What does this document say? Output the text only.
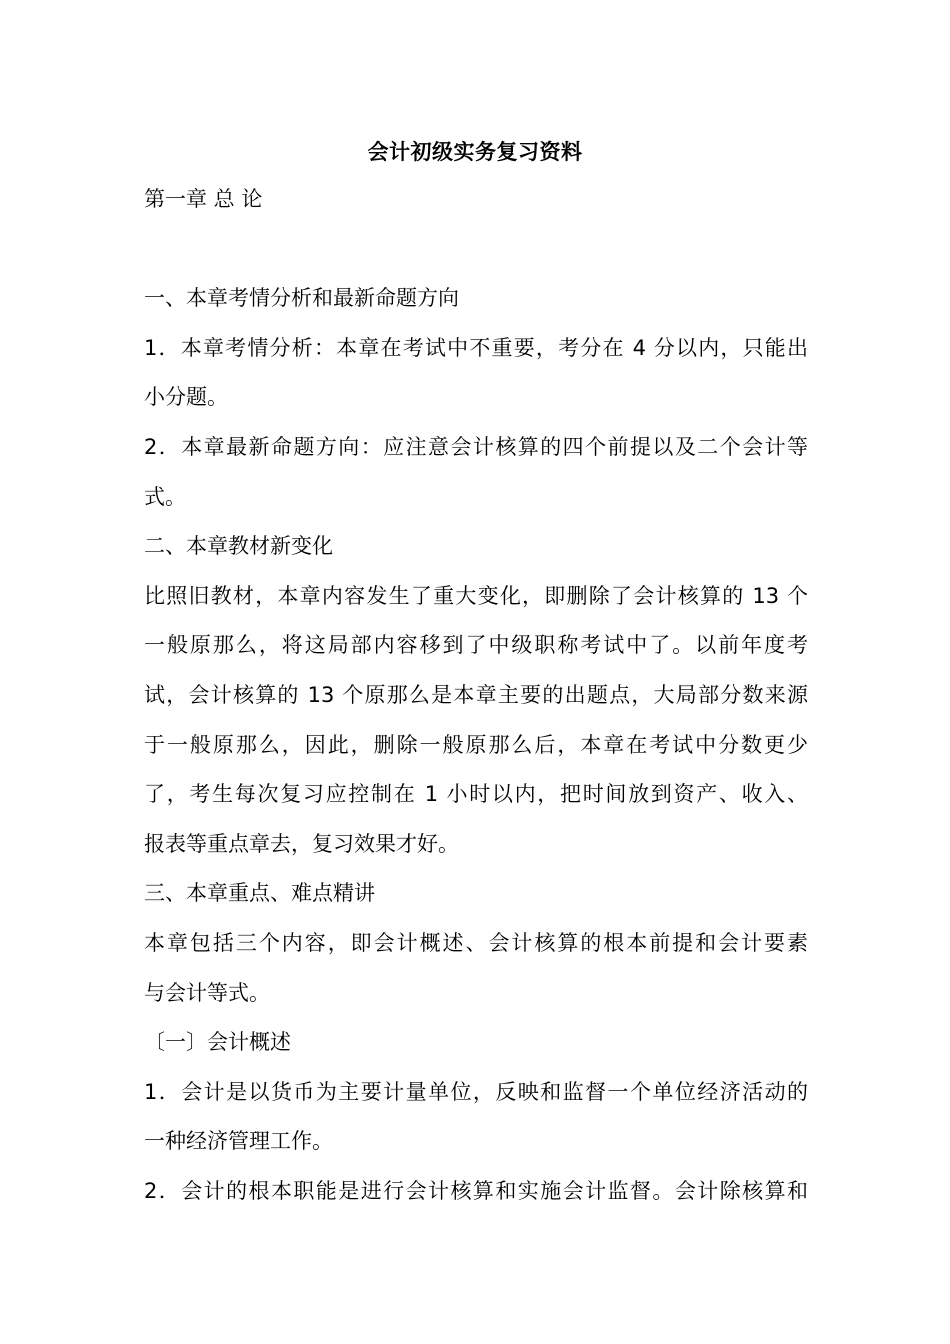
会计初级实务复习资料
第一章 总 论
一、本章考情分析和最新命题方向
1．本章考情分析：本章在考试中不重要，考分在 4 分以内，只能出
小分题。
2．本章最新命题方向：应注意会计核算的四个前提以及二个会计等
式。
二、本章教材新变化
比照旧教材，本章内容发生了重大变化，即删除了会计核算的 13 个
一般原那么，将这局部内容移到了中级职称考试中了。以前年度考
试，会计核算的 13 个原那么是本章主要的出题点，大局部分数来源
于一般原那么，因此，删除一般原那么后，本章在考试中分数更少
了，考生每次复习应控制在 1 小时以内，把时间放到资产、收入、
报表等重点章去，复习效果才好。
三、本章重点、难点精讲
本章包括三个内容，即会计概述、会计核算的根本前提和会计要素
与会计等式。
〔一〕会计概述
1．会计是以货币为主要计量单位，反映和监督一个单位经济活动的
一种经济管理工作。
2．会计的根本职能是进行会计核算和实施会计监督。会计除核算和
